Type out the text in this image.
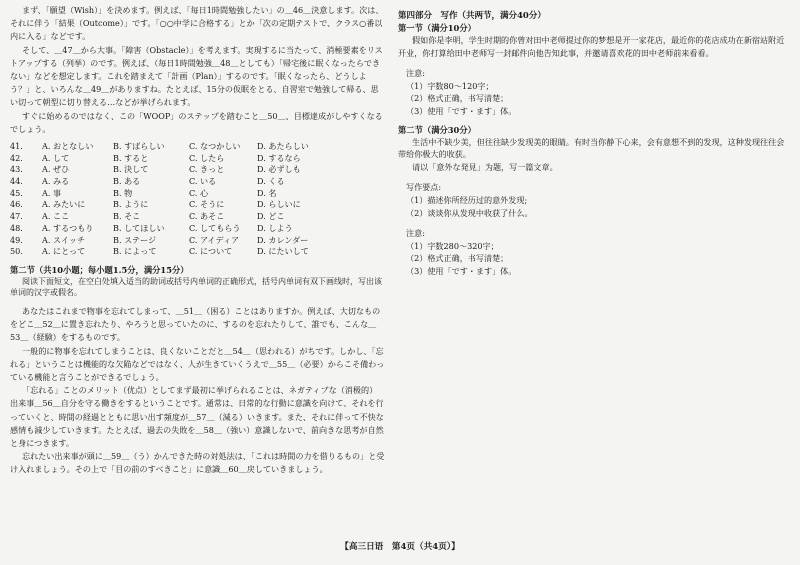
まず、「願望（Wish）」を決めます。例えば、「毎日1時間勉強したい」の＿46＿決意します。次は、それに伴う「結果（Outcome）」です。「○○中学に合格する」とか「次の定期テストで、クラス○番以内に入る」などです。

そして、＿47＿から大事。「障害（Obstacle）」を考えます。実現するに当たって、消極要素をリストアップする（列挙）のです。例えば、（毎日1時間勉強＿48＿としても）「帰宅後に眠くなったらできない」などを想定します。これを踏まえて「計画（Plan）」するのです。「眠くなったら、どうしよう？」と、いろんな＿49＿がありますね。たとえば、15分の仮眠をとる、自習室で勉強して帰る、思い切って朝型に切り替える…などが挙げられます。

すぐに始めるのではなく、この「WOOP」のステップを踏むこと＿50＿、目標達成がしやすくなるでしょう。

41.	A. おとなしい	B. すばらしい	C. なつかしい	D. あたらしい
42.	A. して	B. すると	C. したら	D. するなら
43.	A. ぜひ	B. 決して	C. きっと	D. 必ずしも
44.	A. みる	B. ある	C. いる	D. くる
45.	A. 事	B. 物	C. 心	D. 名
46.	A. みたいに	B. ように	C. そうに	D. らしいに
47.	A. ここ	B. そこ	C. あそこ	D. どこ
48.	A. するつもり	B. してほしい	C. してもらう	D. しよう
49.	A. スイッチ	B. ステージ	C. アイディア	D. カレンダー
50.	A. にとって	B. によって	C. について	D. にたいして

第二节（共10小题；每小题1.5分，满分15分）

阅读下面短文，在空白处填入适当的助词或括号内单词的正确形式，括号内单词有双下画线时，写出该单词的汉字或假名。

あなたはこれまで物事を忘れてしまって、＿51＿（困る）ことはありますか。例えば、大切なものをどこ＿52＿に置き忘れたり、やろうと思っていたのに、するのを忘れたりして、誰でも、こんな＿53＿（経験）をするものです。

一般的に物事を忘れてしまうことは、良くないことだと＿54＿（思われる）がちです。しかし、「忘れる」ということは機能的な欠陥などではなく、人が生きていくうえで＿55＿（必要）からこそ備わっている機能と言うことができるでしょう。

「忘れる」ことのメリット（优点）としてまず最初に挙げられることは、ネガティブな（消极的）出来事＿56＿自分を守る働きをするということです。通常は、日常的な行動に意識を向けて、それを行っていくと、時間の経過とともに思い出す頻度が＿57＿（減る）いきます。また、それに伴って不快な感情も減少していきます。たとえば、過去の失敗を＿58＿（強い）意識しないで、前向きな思考が自然と身につきます。

忘れたい出来事が頭に＿59＿（う）かんできた時の対処法は、「これは時間の力を借りるもの」と受け入れましょう。その上で「目の前のすべきこと」に意識＿60＿戻していきましょう。

第四部分　写作（共两节，满分40分）

第一节（满分10分）

假如你是李明，学生时期的你曾对田中老师提过你的梦想是开一家花店，最近你的花店成功在新宿站附近开业，你打算给田中老师写一封邮件向他告知此事，并邀请喜欢花的田中老师前来看看。

注意:

（1）字数80～120字；

（2）格式正确，书写清楚；

（3）使用「です・ます」体。

第二节（满分30分）

生活中不缺少美，但往往缺少发现美的眼睛。有时当你静下心来，会有意想不到的发现，这种发现往往会带给你极大的收获。

请以「意外な発見」为题，写一篇文章。

写作要点:

（1）描述你所经历过的意外发现;

（2）谈谈你从发现中收获了什么。

注意:

（1）字数280～320字；

（2）格式正确，书写清楚；

（3）使用「です・ます」体。

【高三日语　第4页（共4页）】
